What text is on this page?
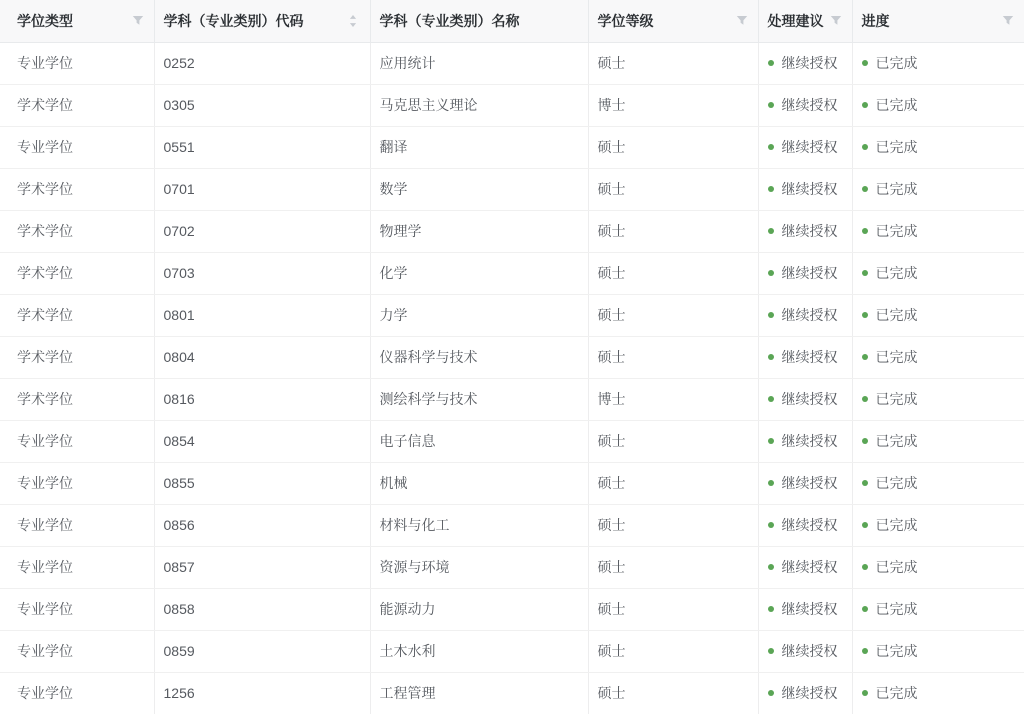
学位类型	学科（专业类别）代码	学科（专业类别）名称	学位等级	处理建议	进度

专业学位	0252	应用统计	硕士	继续授权	已完成
学术学位	0305	马克思主义理论	博士	继续授权	已完成
专业学位	0551	翻译	硕士	继续授权	已完成
学术学位	0701	数学	硕士	继续授权	已完成
学术学位	0702	物理学	硕士	继续授权	已完成
学术学位	0703	化学	硕士	继续授权	已完成
学术学位	0801	力学	硕士	继续授权	已完成
学术学位	0804	仪器科学与技术	硕士	继续授权	已完成
学术学位	0816	测绘科学与技术	博士	继续授权	已完成
专业学位	0854	电子信息	硕士	继续授权	已完成
专业学位	0855	机械	硕士	继续授权	已完成
专业学位	0856	材料与化工	硕士	继续授权	已完成
专业学位	0857	资源与环境	硕士	继续授权	已完成
专业学位	0858	能源动力	硕士	继续授权	已完成
专业学位	0859	土木水利	硕士	继续授权	已完成
专业学位	1256	工程管理	硕士	继续授权	已完成
